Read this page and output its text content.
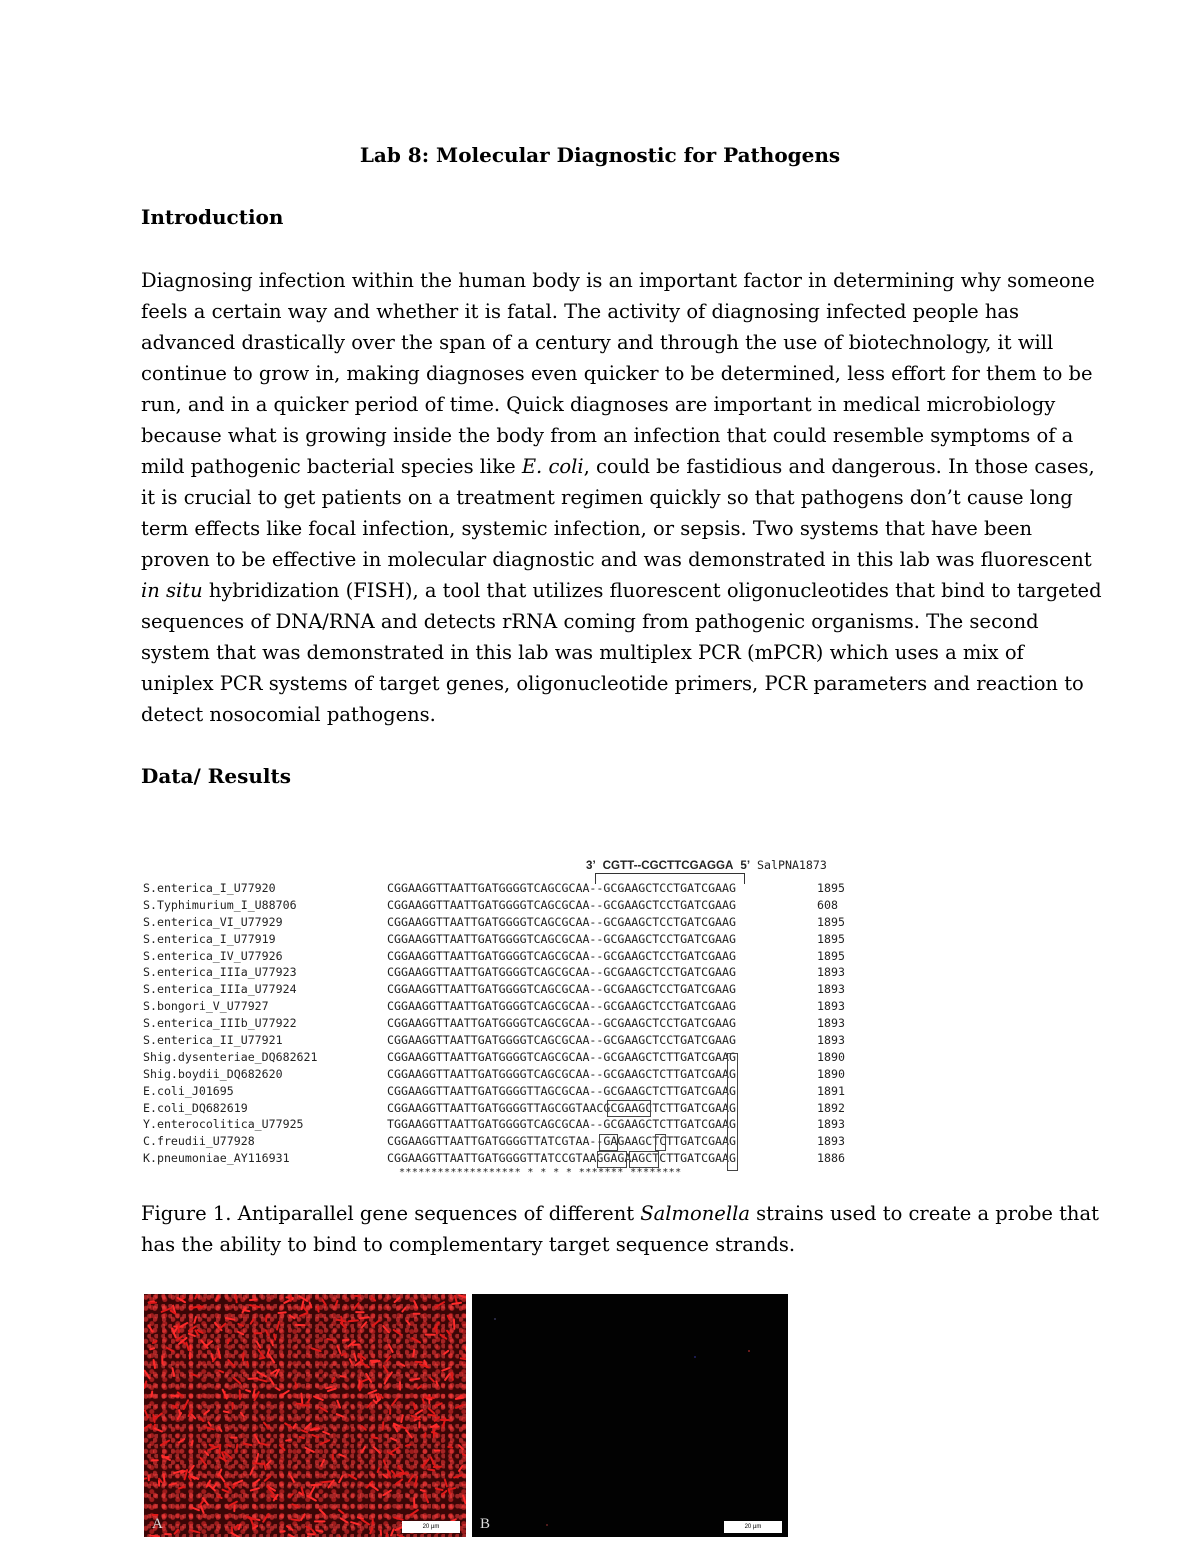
Lab 8: Molecular Diagnostic for Pathogens
Introduction
Diagnosing infection within the human body is an important factor in determining why someone
feels a certain way and whether it is fatal. The activity of diagnosing infected people has
advanced drastically over the span of a century and through the use of biotechnology, it will
continue to grow in, making diagnoses even quicker to be determined, less effort for them to be
run, and in a quicker period of time. Quick diagnoses are important in medical microbiology
because what is growing inside the body from an infection that could resemble symptoms of a
mild pathogenic bacterial species like E. coli, could be fastidious and dangerous. In those cases,
it is crucial to get patients on a treatment regimen quickly so that pathogens don’t cause long
term effects like focal infection, systemic infection, or sepsis. Two systems that have been
proven to be effective in molecular diagnostic and was demonstrated in this lab was fluorescent
in situ hybridization (FISH), a tool that utilizes fluorescent oligonucleotides that bind to targeted
sequences of DNA/RNA and detects rRNA coming from pathogenic organisms. The second
system that was demonstrated in this lab was multiplex PCR (mPCR) which uses a mix of
uniplex PCR systems of target genes, oligonucleotide primers, PCR parameters and reaction to
detect nosocomial pathogens.
Data/ Results
3’ CGTT--CGCTTCGAGGA 5’ SalPNA1873
S.enterica_I_U77920	CGGAAGGTTAATTGATGGGGTCAGCGCAA--GCGAAGCTCCTGATCGAAG	1895
S.Typhimurium_I_U88706	CGGAAGGTTAATTGATGGGGTCAGCGCAA--GCGAAGCTCCTGATCGAAG	608
S.enterica_VI_U77929	CGGAAGGTTAATTGATGGGGTCAGCGCAA--GCGAAGCTCCTGATCGAAG	1895
S.enterica_I_U77919	CGGAAGGTTAATTGATGGGGTCAGCGCAA--GCGAAGCTCCTGATCGAAG	1895
S.enterica_IV_U77926	CGGAAGGTTAATTGATGGGGTCAGCGCAA--GCGAAGCTCCTGATCGAAG	1895
S.enterica_IIIa_U77923	CGGAAGGTTAATTGATGGGGTCAGCGCAA--GCGAAGCTCCTGATCGAAG	1893
S.enterica_IIIa_U77924	CGGAAGGTTAATTGATGGGGTCAGCGCAA--GCGAAGCTCCTGATCGAAG	1893
S.bongori_V_U77927	CGGAAGGTTAATTGATGGGGTCAGCGCAA--GCGAAGCTCCTGATCGAAG	1893
S.enterica_IIIb_U77922	CGGAAGGTTAATTGATGGGGTCAGCGCAA--GCGAAGCTCCTGATCGAAG	1893
S.enterica_II_U77921	CGGAAGGTTAATTGATGGGGTCAGCGCAA--GCGAAGCTCCTGATCGAAG	1893
Shig.dysenteriae_DQ682621	CGGAAGGTTAATTGATGGGGTCAGCGCAA--GCGAAGCTCTTGATCGAAG	1890
Shig.boydii_DQ682620	CGGAAGGTTAATTGATGGGGTCAGCGCAA--GCGAAGCTCTTGATCGAAG	1890
E.coli_J01695	CGGAAGGTTAATTGATGGGGTTAGCGCAA--GCGAAGCTCTTGATCGAAG	1891
E.coli_DQ682619	CGGAAGGTTAATTGATGGGGTTAGCGGTAACGCGAAGCTCTTGATCGAAG	1892
Y.enterocolitica_U77925	TGGAAGGTTAATTGATGGGGTCAGCGCAA--GCGAAGCTCTTGATCGAAG	1893
C.freudii_U77928	CGGAAGGTTAATTGATGGGGTTATCGTAA--GAGAAGCTCTTGATCGAAG	1893
K.pneumoniae_AY116931	CGGAAGGTTAATTGATGGGGTTATCCGTAAGGAGAAGCTCTTGATCGAAG	1886
******************* * * * * ******* ********
Figure 1. Antiparallel gene sequences of different Salmonella strains used to create a probe that
has the ability to bind to complementary target sequence strands.
A	20 µm	B	20 µm
